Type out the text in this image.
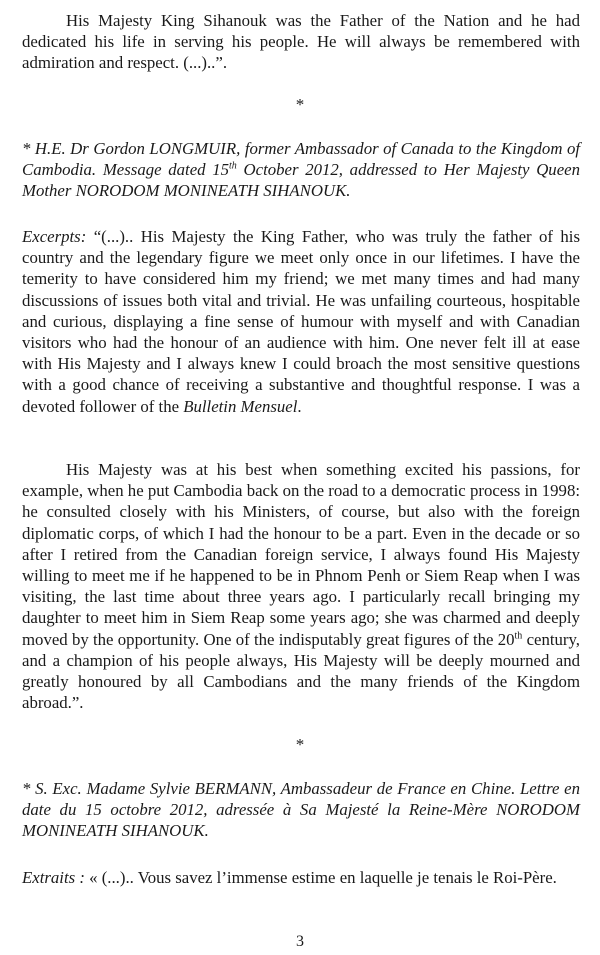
His Majesty King Sihanouk was the Father of the Nation and he had dedicated his life in serving his people. He will always be remembered with admiration and respect. (...)..”.

*

* H.E. Dr Gordon LONGMUIR, former Ambassador of Canada to the Kingdom of Cambodia. Message dated 15th October 2012, addressed to Her Majesty Queen Mother NORODOM MONINEATH SIHANOUK.

Excerpts: “(...).. His Majesty the King Father, who was truly the father of his country and the legendary figure we meet only once in our lifetimes. I have the temerity to have considered him my friend; we met many times and had many discussions of issues both vital and trivial. He was unfailing courteous, hospitable and curious, displaying a fine sense of humour with myself and with Canadian visitors who had the honour of an audience with him. One never felt ill at ease with His Majesty and I always knew I could broach the most sensitive questions with a good chance of receiving a substantive and thoughtful response. I was a devoted follower of the Bulletin Mensuel.

His Majesty was at his best when something excited his passions, for example, when he put Cambodia back on the road to a democratic process in 1998: he consulted closely with his Ministers, of course, but also with the foreign diplomatic corps, of which I had the honour to be a part. Even in the decade or so after I retired from the Canadian foreign service, I always found His Majesty willing to meet me if he happened to be in Phnom Penh or Siem Reap when I was visiting, the last time about three years ago. I particularly recall bringing my daughter to meet him in Siem Reap some years ago; she was charmed and deeply moved by the opportunity. One of the indisputably great figures of the 20th century, and a champion of his people always, His Majesty will be deeply mourned and greatly honoured by all Cambodians and the many friends of the Kingdom abroad.”.

*

* S. Exc. Madame Sylvie BERMANN, Ambassadeur de France en Chine. Lettre en date du 15 octobre 2012, adressée à Sa Majesté la Reine-Mère NORODOM MONINEATH SIHANOUK.

Extraits : « (...).. Vous savez l’immense estime en laquelle je tenais le Roi-Père.

3
